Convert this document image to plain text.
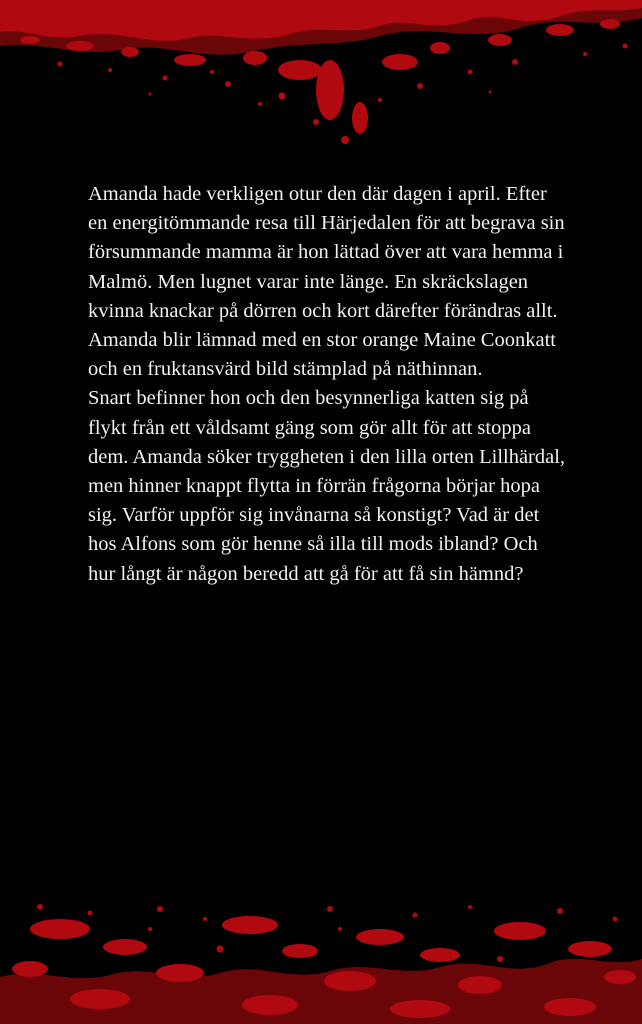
Amanda hade verkligen otur den där dagen i april. Efter en energitömmande resa till Härjedalen för att begrava sin försummande mamma är hon lättad över att vara hemma i Malmö. Men lugnet varar inte länge. En skräckslagen kvinna knackar på dörren och kort därefter förändras allt.

Amanda blir lämnad med en stor orange Maine Coonkatt och en fruktansvärd bild stämplad på näthinnan.

Snart befinner hon och den besynnerliga katten sig på flykt från ett våldsamt gäng som gör allt för att stoppa dem. Amanda söker tryggheten i den lilla orten Lillhärdal, men hinner knappt flytta in förrän frågorna börjar hopa sig. Varför uppför sig invånarna så konstigt? Vad är det hos Alfons som gör henne så illa till mods ibland? Och hur långt är någon beredd att gå för att få sin hämnd?
